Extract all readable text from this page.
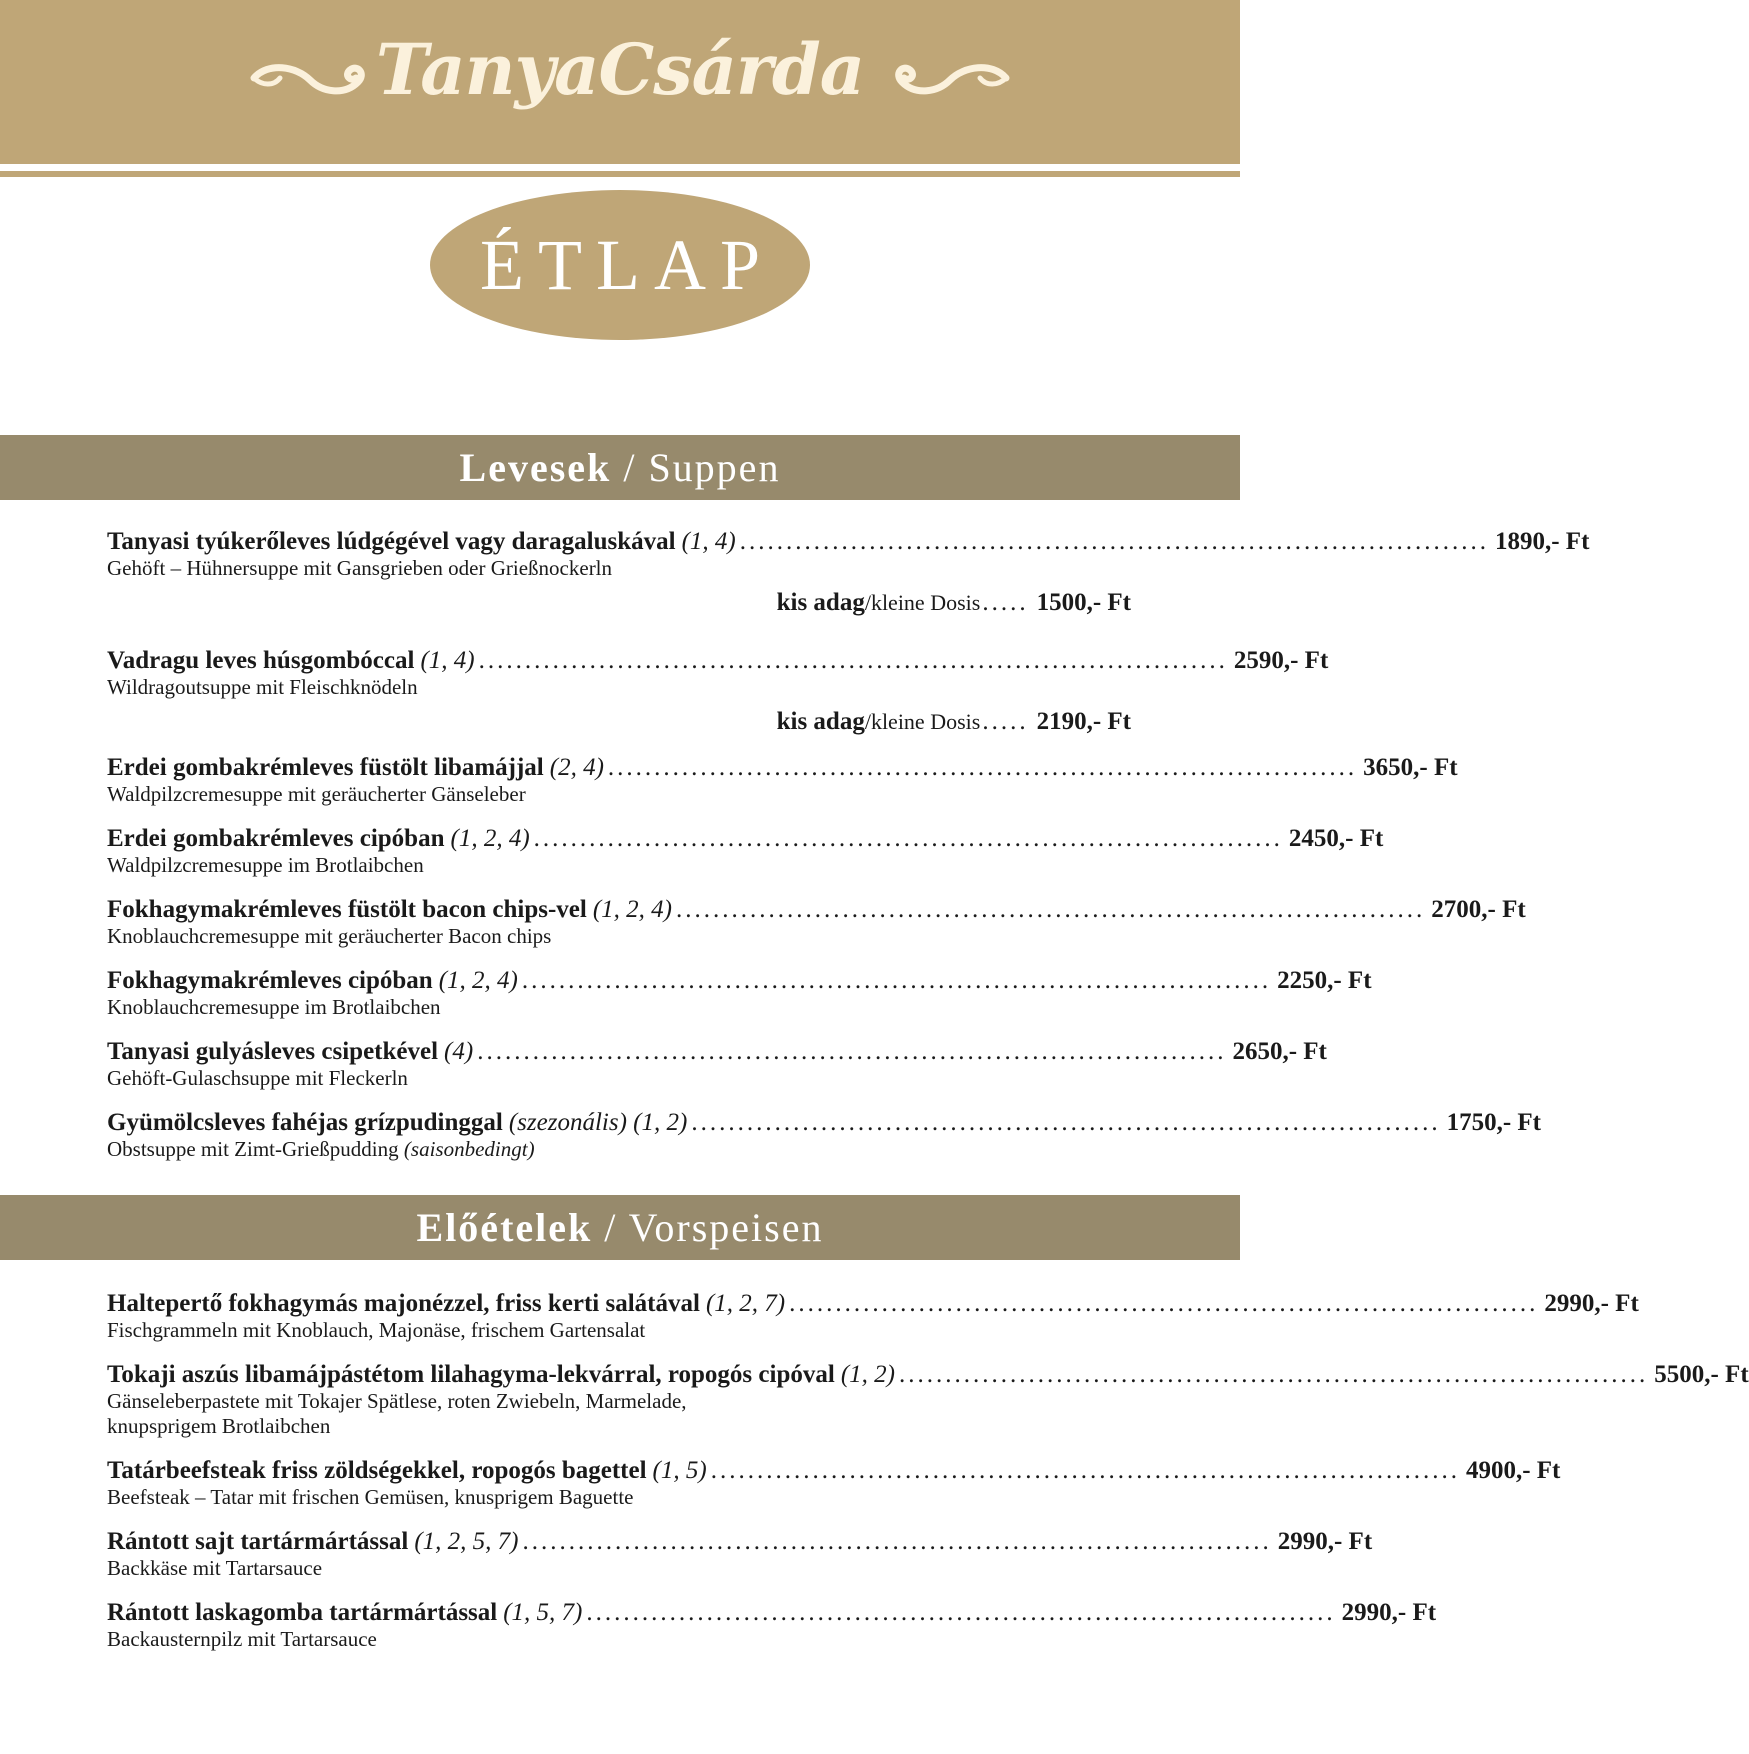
TanyaCsárda
ÉTLAP
Levesek / Suppen
Tanyasi tyúkerőleves lúdgégével vagy daragaluskával (1, 4) ................................................................................. 1890,- Ft
Gehöft – Hühnersuppe mit Gansgrieben oder Grießnockerln
kis adag /kleine Dosis ..... 1500,- Ft
Vadragu leves húsgombóccal (1, 4) ................................................................................. 2590,- Ft
Wildragoutsuppe mit Fleischknödeln
kis adag /kleine Dosis ..... 2190,- Ft
Erdei gombakrémleves füstölt libamájjal (2, 4) ................................................................................. 3650,- Ft
Waldpilzcremesuppe mit geräucherter Gänseleber
Erdei gombakrémleves cipóban (1, 2, 4) ................................................................................. 2450,- Ft
Waldpilzcremesuppe im Brotlaibchen
Fokhagymakrémleves füstölt bacon chips-vel (1, 2, 4) ................................................................................. 2700,- Ft
Knoblauchcremesuppe mit geräucherter Bacon chips
Fokhagymakrémleves cipóban (1, 2, 4) ................................................................................. 2250,- Ft
Knoblauchcremesuppe im Brotlaibchen
Tanyasi gulyásleves csipetkével (4) ................................................................................. 2650,- Ft
Gehöft-Gulaschsuppe mit Fleckerln
Gyümölcsleves fahéjas grízpudinggal (szezonális) (1, 2) ................................................................................. 1750,- Ft
Obstsuppe mit Zimt-Grießpudding (saisonbedingt)
Előételek / Vorspeisen
Haltepertő fokhagymás majonézzel, friss kerti salátával (1, 2, 7) ................................................................................. 2990,- Ft
Fischgrammeln mit Knoblauch, Majonäse, frischem Gartensalat
Tokaji aszús libamájpástétom lilahagyma-lekvárral, ropogós cipóval (1, 2) ................................................................................. 5500,- Ft
Gänseleberpastete mit Tokajer Spätlese, roten Zwiebeln, Marmelade,
knupsprigem Brotlaibchen
Tatárbeefsteak friss zöldségekkel, ropogós bagettel (1, 5) ................................................................................. 4900,- Ft
Beefsteak – Tatar mit frischen Gemüsen, knusprigem Baguette
Rántott sajt tartármártással (1, 2, 5, 7) ................................................................................. 2990,- Ft
Backkäse mit Tartarsauce
Rántott laskagomba tartármártással (1, 5, 7) ................................................................................. 2990,- Ft
Backausternpilz mit Tartarsauce
